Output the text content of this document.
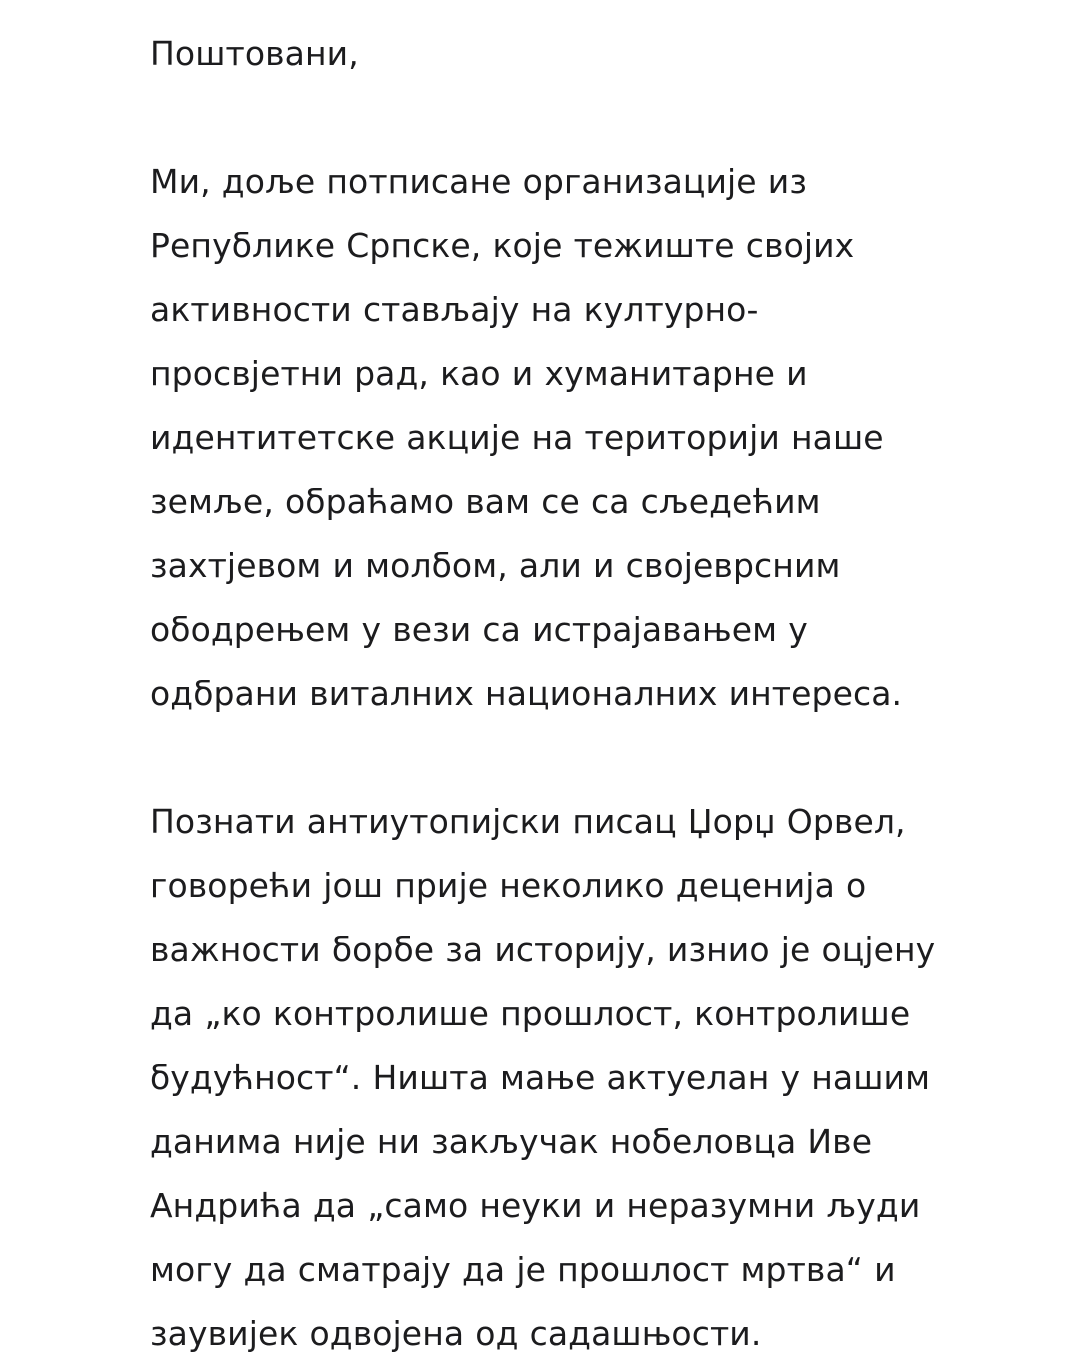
Поштовани,

Ми, доље потписане организације из Републике Српске, које тежиште својих активности стављају на културно-просвјетни рад, као и хуманитарне и идентитетске акције на територији наше земље, обраћамо вам се са сљедећим захтјевом и молбом, али и својеврсним ободрењем у вези са истрајавањем у одбрани виталних националних интереса.

Познати антиутопијски писац Џорџ Орвел, говорећи још прије неколико деценија о важности борбе за историју, изнио је оцјену да „ко контролише прошлост, контролише будућност“. Ништа мање актуелан у нашим данима није ни закључак нобеловца Иве Андрића да „само неуки и неразумни људи могу да сматрају да је прошлост мртва“ и заувијек одвојена од садашњости.
